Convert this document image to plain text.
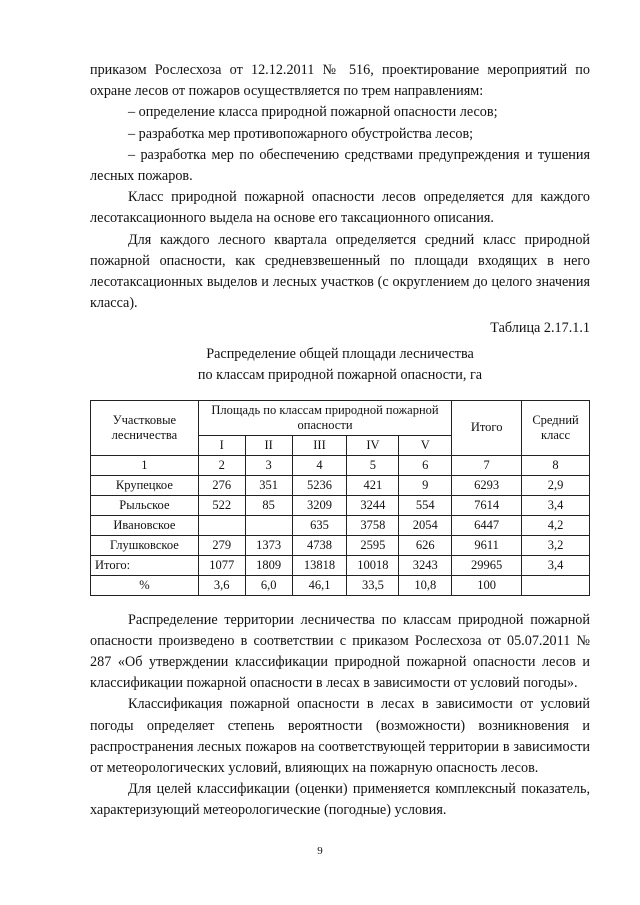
приказом Рослесхоза от 12.12.2011 № 516, проектирование мероприятий по охране лесов от пожаров осуществляется по трем направлениям:

– определение класса природной пожарной опасности лесов;

– разработка мер противопожарного обустройства лесов;

– разработка мер по обеспечению средствами предупреждения и тушения лесных пожаров.

Класс природной пожарной опасности лесов определяется для каждого лесотаксационного выдела на основе его таксационного описания.

Для каждого лесного квартала определяется средний класс природной пожарной опасности, как средневзвешенный по площади входящих в него лесотаксационных выделов и лесных участков (с округлением до целого значения класса).

Таблица 2.17.1.1

Распределение общей площади лесничества
по классам природной пожарной опасности, га
Участковые лесничества	Площадь по классам природной пожарной опасности					Итого	Средний класс
	I	II	III	IV	V		
1	2	3	4	5	6	7	8
Крупецкое	276	351	5236	421	9	6293	2,9
Рыльское	522	85	3209	3244	554	7614	3,4
Ивановское			635	3758	2054	6447	4,2
Глушковское	279	1373	4738	2595	626	9611	3,2
Итого:	1077	1809	13818	10018	3243	29965	3,4
%	3,6	6,0	46,1	33,5	10,8	100	

Распределение территории лесничества по классам природной пожарной опасности произведено в соответствии с приказом Рослесхоза от 05.07.2011 № 287 «Об утверждении классификации природной пожарной опасности лесов и классификации пожарной опасности в лесах в зависимости от условий погоды».

Классификация пожарной опасности в лесах в зависимости от условий погоды определяет степень вероятности (возможности) возникновения и распространения лесных пожаров на соответствующей территории в зависимости от метеорологических условий, влияющих на пожарную опасность лесов.

Для целей классификации (оценки) применяется комплексный показатель, характеризующий метеорологические (погодные) условия.

9
